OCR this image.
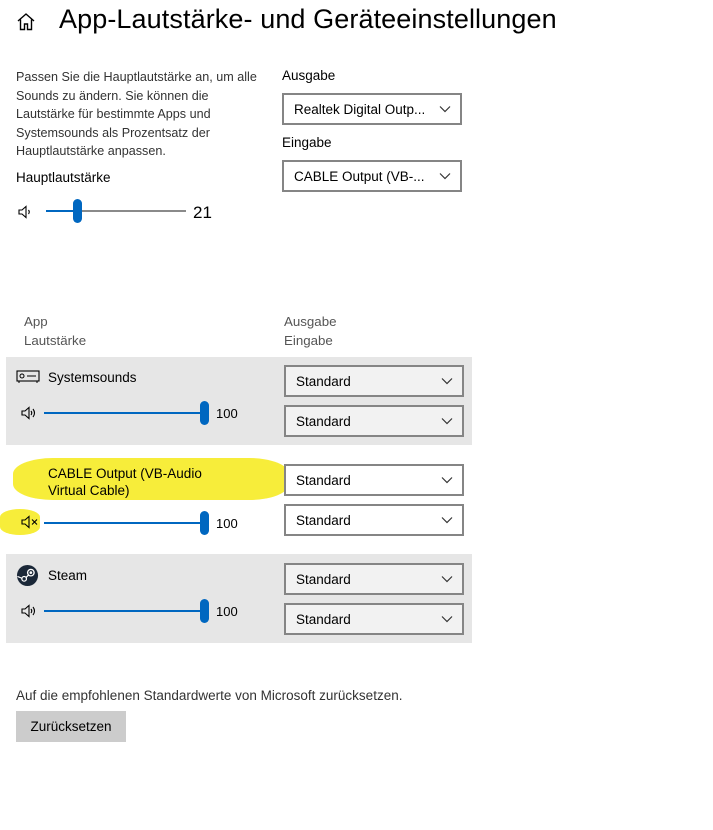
App-Lautstärke- und Geräteeinstellungen
Passen Sie die Hauptlautstärke an, um alle Sounds zu ändern. Sie können die Lautstärke für bestimmte Apps und Systemsounds als Prozentsatz der Hauptlautstärke anpassen.
Hauptlautstärke
21
Ausgabe
Realtek Digital Outp...
Eingabe
CABLE Output (VB-...
App
Lautstärke
Ausgabe
Eingabe
Systemsounds
100
Standard
Standard
CABLE Output (VB-Audio Virtual Cable)
100
Standard
Standard
Steam
100
Standard
Standard
Auf die empfohlenen Standardwerte von Microsoft zurücksetzen.
Zurücksetzen
